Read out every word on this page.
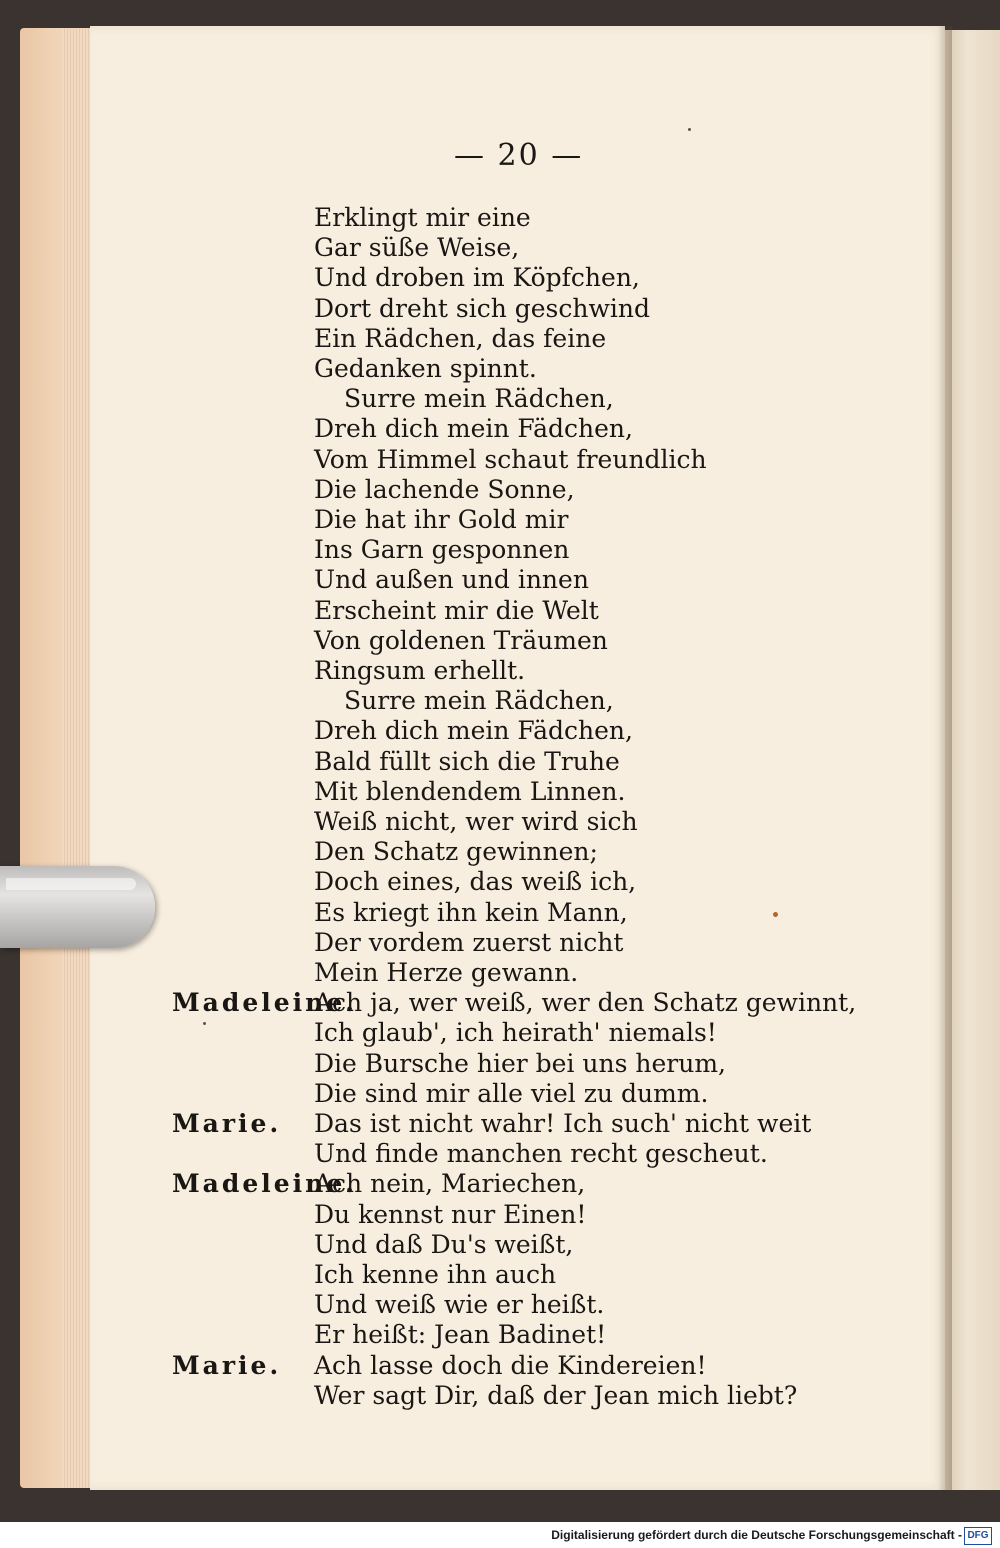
— 20 —
Erklingt mir eine
Gar süße Weise,
Und droben im Köpfchen,
Dort dreht sich geschwind
Ein Rädchen, das feine
Gedanken spinnt.
Surre mein Rädchen,
Dreh dich mein Fädchen,
Vom Himmel schaut freundlich
Die lachende Sonne,
Die hat ihr Gold mir
Ins Garn gesponnen
Und außen und innen
Erscheint mir die Welt
Von goldenen Träumen
Ringsum erhellt.
Surre mein Rädchen,
Dreh dich mein Fädchen,
Bald füllt sich die Truhe
Mit blendendem Linnen.
Weiß nicht, wer wird sich
Den Schatz gewinnen;
Doch eines, das weiß ich,
Es kriegt ihn kein Mann,
Der vordem zuerst nicht
Mein Herze gewann.
Madeleine.
Ach ja, wer weiß, wer den Schatz gewinnt,
Ich glaub', ich heirath' niemals!
Die Bursche hier bei uns herum,
Die sind mir alle viel zu dumm.
Marie. Das ist nicht wahr! Ich such' nicht weit
Und finde manchen recht gescheut.
Madeleine.
Ach nein, Mariechen,
Du kennst nur Einen!
Und daß Du's weißt,
Ich kenne ihn auch
Und weiß wie er heißt.
Er heißt: Jean Badinet!
Marie. Ach lasse doch die Kindereien!
Wer sagt Dir, daß der Jean mich liebt?
Digitalisierung gefördert durch die Deutsche Forschungsgemeinschaft - DFG
